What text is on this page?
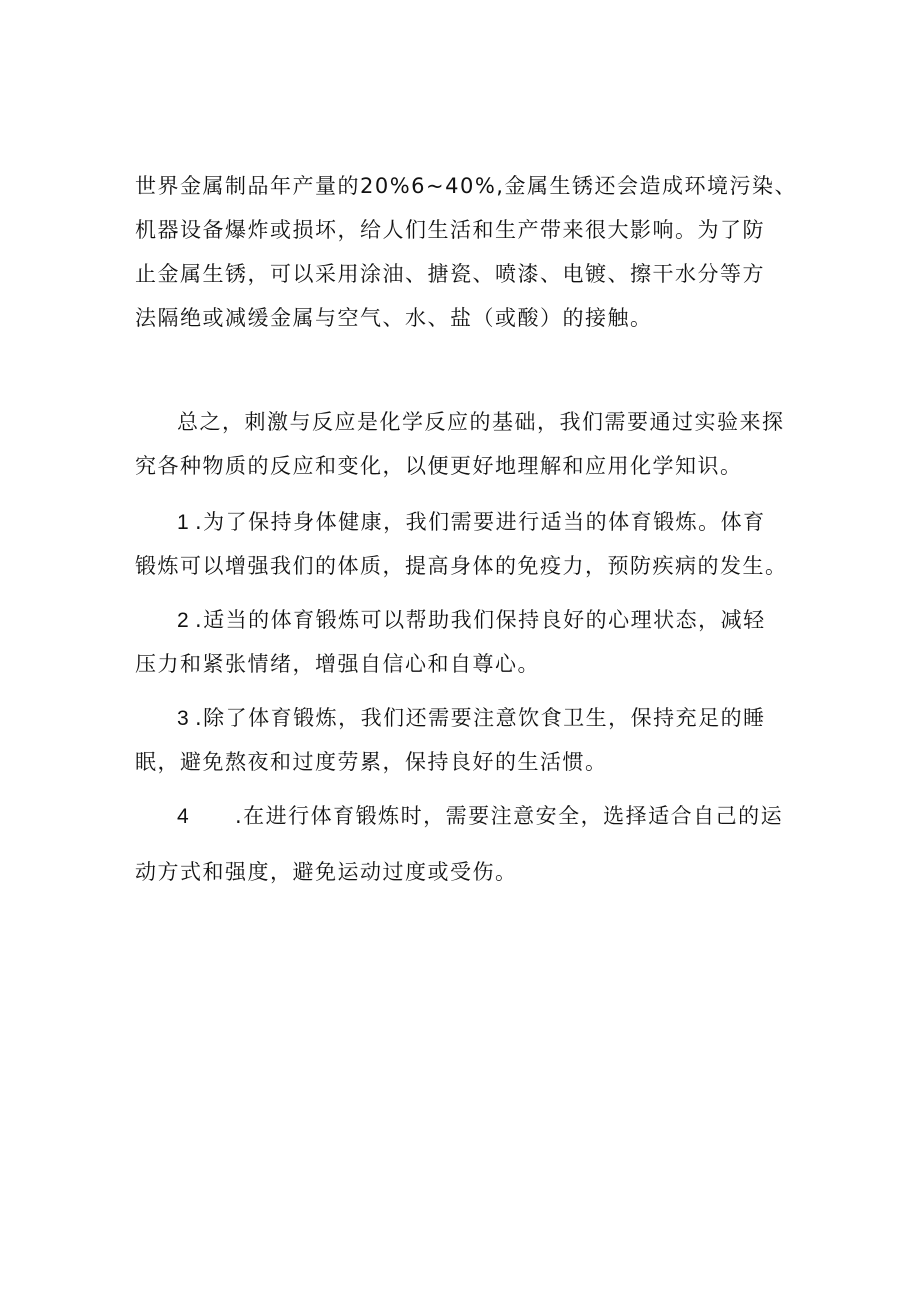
世界金属制品年产量的20%6~40%,金属生锈还会造成环境污染、
机器设备爆炸或损坏，给人们生活和生产带来很大影响。为了防
止金属生锈，可以采用涂油、搪瓷、喷漆、电镀、擦干水分等方
法隔绝或减缓金属与空气、水、盐（或酸）的接触。
总之，刺激与反应是化学反应的基础，我们需要通过实验来探
究各种物质的反应和变化，以便更好地理解和应用化学知识。
1 .为了保持身体健康，我们需要进行适当的体育锻炼。体育
锻炼可以增强我们的体质，提高身体的免疫力，预防疾病的发生。
2 .适当的体育锻炼可以帮助我们保持良好的心理状态，减轻
压力和紧张情绪，增强自信心和自尊心。
3 .除了体育锻炼，我们还需要注意饮食卫生，保持充足的睡
眠，避免熬夜和过度劳累，保持良好的生活惯。
4 .在进行体育锻炼时，需要注意安全，选择适合自己的运
动方式和强度，避免运动过度或受伤。
